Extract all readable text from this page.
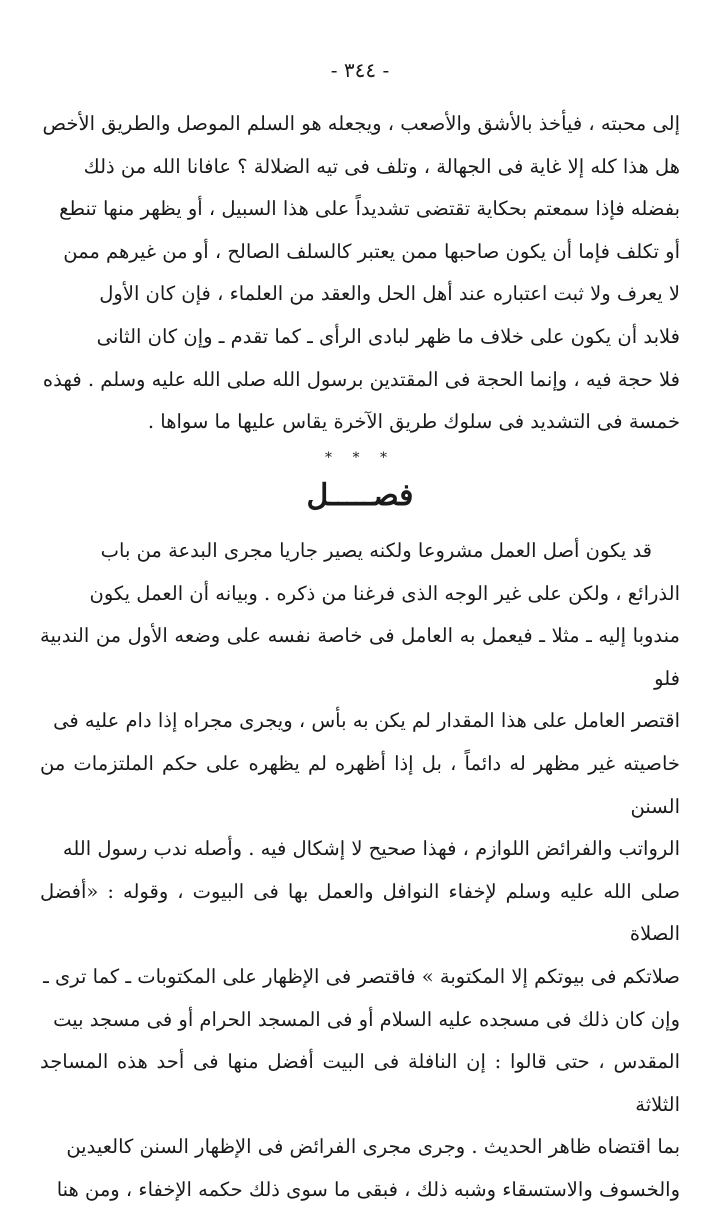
- ٣٤٤ -

إلى محبته ، فيأخذ بالأشق والأصعب ، ويجعله هو السلم الموصل والطريق الأخص

هل هذا كله إلا غاية فى الجهالة ، وتلف فى تيه الضلالة ؟ عافانا الله من ذلك

بفضله فإذا سمعتم بحكاية تقتضى تشديداً على هذا السبيل ، أو يظهر منها تنطع

أو تكلف فإما أن يكون صاحبها ممن يعتبر كالسلف الصالح ، أو من غيرهم ممن

لا يعرف ولا ثبت اعتباره عند أهل الحل والعقد من العلماء ، فإن كان الأول

فلابد أن يكون على خلاف ما ظهر لبادى الرأى ـ كما تقدم ـ وإن كان الثانى

فلا حجة فيه ، وإنما الحجة فى المقتدين برسول الله صلى الله عليه وسلم . فهذه

خمسة فى التشديد فى سلوك طريق الآخرة يقاس عليها ما سواها .

* * *
فصـــــل

قد يكون أصل العمل مشروعا ولكنه يصير جاريا مجرى البدعة من باب

الذرائع ، ولكن على غير الوجه الذى فرغنا من ذكره . وبيانه أن العمل يكون

مندوبا إليه ـ مثلا ـ فيعمل به العامل فى خاصة نفسه على وضعه الأول من الندبية فلو

اقتصر العامل على هذا المقدار لم يكن به بأس ، ويجرى مجراه إذا دام عليه فى

خاصيته غير مظهر له دائماً ، بل إذا أظهره لم يظهره على حكم الملتزمات من السنن

الرواتب والفرائض اللوازم ، فهذا صحيح لا إشكال فيه . وأصله ندب رسول الله

صلى الله عليه وسلم لإخفاء النوافل والعمل بها فى البيوت ، وقوله : «أفضل الصلاة

صلاتكم فى بيوتكم إلا المكتوبة » فاقتصر فى الإظهار على المكتوبات ـ كما ترى ـ

وإن كان ذلك فى مسجده عليه السلام أو فى المسجد الحرام أو فى مسجد بيت

المقدس ، حتى قالوا : إن النافلة فى البيت أفضل منها فى أحد هذه المساجد الثلاثة

بما اقتضاه ظاهر الحديث . وجرى مجرى الفرائض فى الإظهار السنن كالعيدين

والخسوف والاستسقاء وشبه ذلك ، فبقى ما سوى ذلك حكمه الإخفاء ، ومن هنا
